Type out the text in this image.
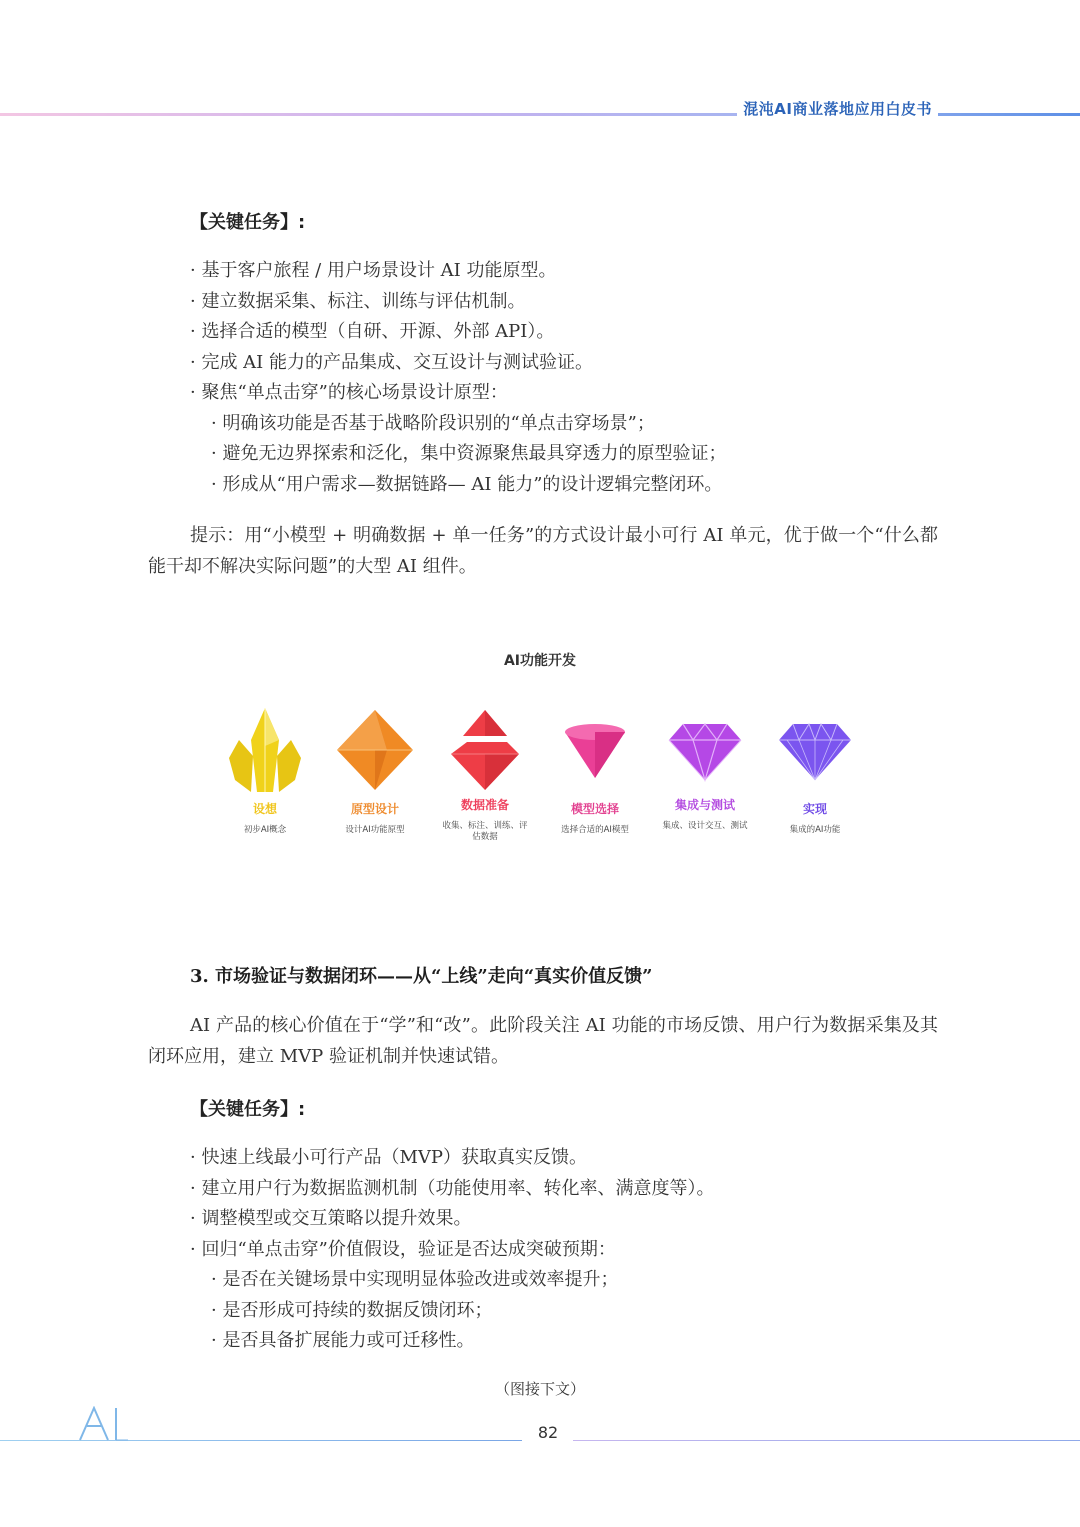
混沌AI商业落地应用白皮书
【关键任务】:
· 基于客户旅程 / 用户场景设计 AI 功能原型。
· 建立数据采集、标注、训练与评估机制。
· 选择合适的模型（自研、开源、外部 API）。
· 完成 AI 能力的产品集成、交互设计与测试验证。
· 聚焦“单点击穿”的核心场景设计原型：
· 明确该功能是否基于战略阶段识别的“单点击穿场景”；
· 避免无边界探索和泛化，集中资源聚焦最具穿透力的原型验证；
· 形成从“用户需求—数据链路— AI 能力”的设计逻辑完整闭环。

提示：用“小模型 + 明确数据 + 单一任务”的方式设计最小可行 AI 单元，优于做一个“什么都能干却不解决实际问题”的大型 AI 组件。

AI功能开发
设想
初步AI概念
原型设计
设计AI功能原型
数据准备
收集、标注、训练、评估数据
模型选择
选择合适的AI模型
集成与测试
集成、设计交互、测试
实现
集成的AI功能
3. 市场验证与数据闭环——从“上线”走向“真实价值反馈”

AI 产品的核心价值在于“学”和“改”。此阶段关注 AI 功能的市场反馈、用户行为数据采集及其闭环应用，建立 MVP 验证机制并快速试错。

【关键任务】:
· 快速上线最小可行产品（MVP）获取真实反馈。
· 建立用户行为数据监测机制（功能使用率、转化率、满意度等）。
· 调整模型或交互策略以提升效果。
· 回归“单点击穿”价值假设，验证是否达成突破预期：
· 是否在关键场景中实现明显体验改进或效率提升；
· 是否形成可持续的数据反馈闭环；
· 是否具备扩展能力或可迁移性。
（图接下文）
82
